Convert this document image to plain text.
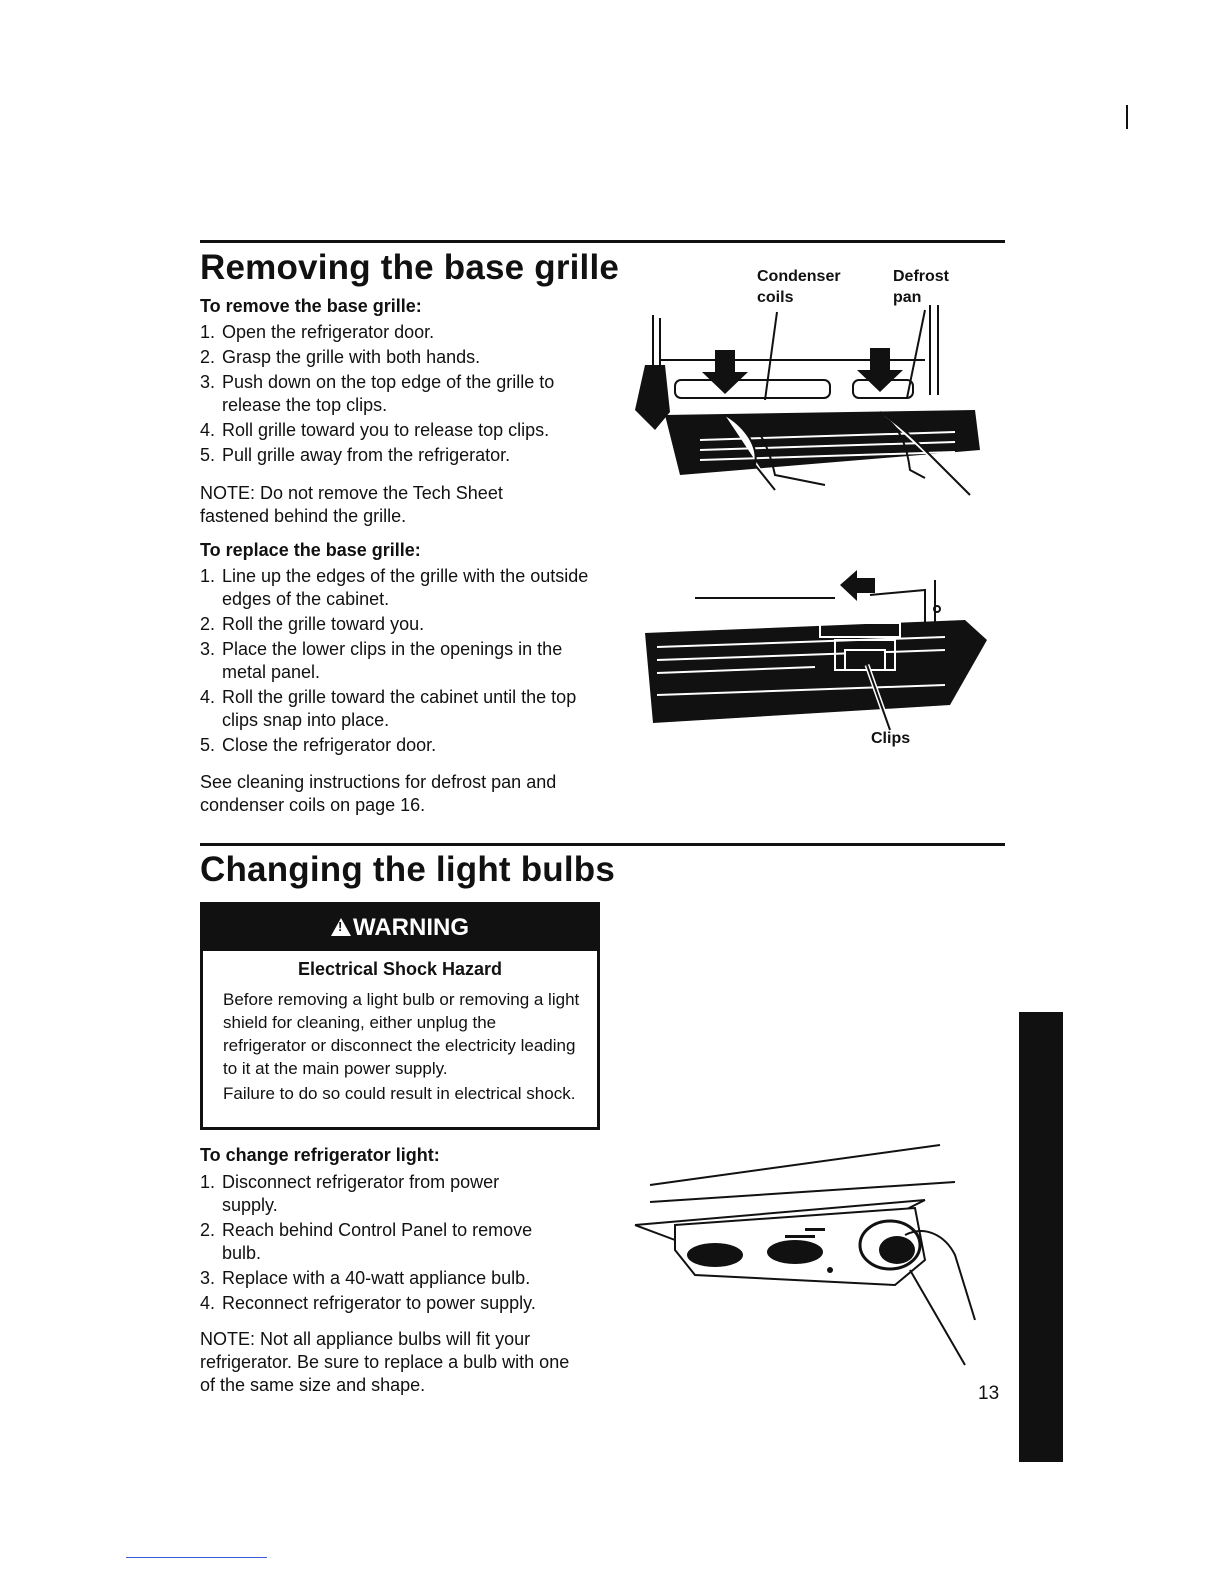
Removing the base grille
To remove the base grille:
1. Open the refrigerator door.
2. Grasp the grille with both hands.
3. Push down on the top edge of the grille to release the top clips.
4. Roll grille toward you to release top clips.
5. Pull grille away from the refrigerator.

NOTE: Do not remove the Tech Sheet fastened behind the grille.

To replace the base grille:
1. Line up the edges of the grille with the outside edges of the cabinet.
2. Roll the grille toward you.
3. Place the lower clips in the openings in the metal panel.
4. Roll the grille toward the cabinet until the top clips snap into place.
5. Close the refrigerator door.

See cleaning instructions for defrost pan and condenser coils on page 16.

Condenser
coils

Defrost
pan

Clips

Changing the light bulbs
!WARNING
Electrical Shock Hazard

Before removing a light bulb or removing a light shield for cleaning, either unplug the refrigerator or disconnect the electricity leading to it at the main power supply.

Failure to do so could result in electrical shock.

To change refrigerator light:
1. Disconnect refrigerator from power supply.
2. Reach behind Control Panel to remove bulb.
3. Replace with a 40-watt appliance bulb.
4. Reconnect refrigerator to power supply.

NOTE: Not all appliance bulbs will fit your refrigerator. Be sure to replace a bulb with one of the same size and shape.	13
